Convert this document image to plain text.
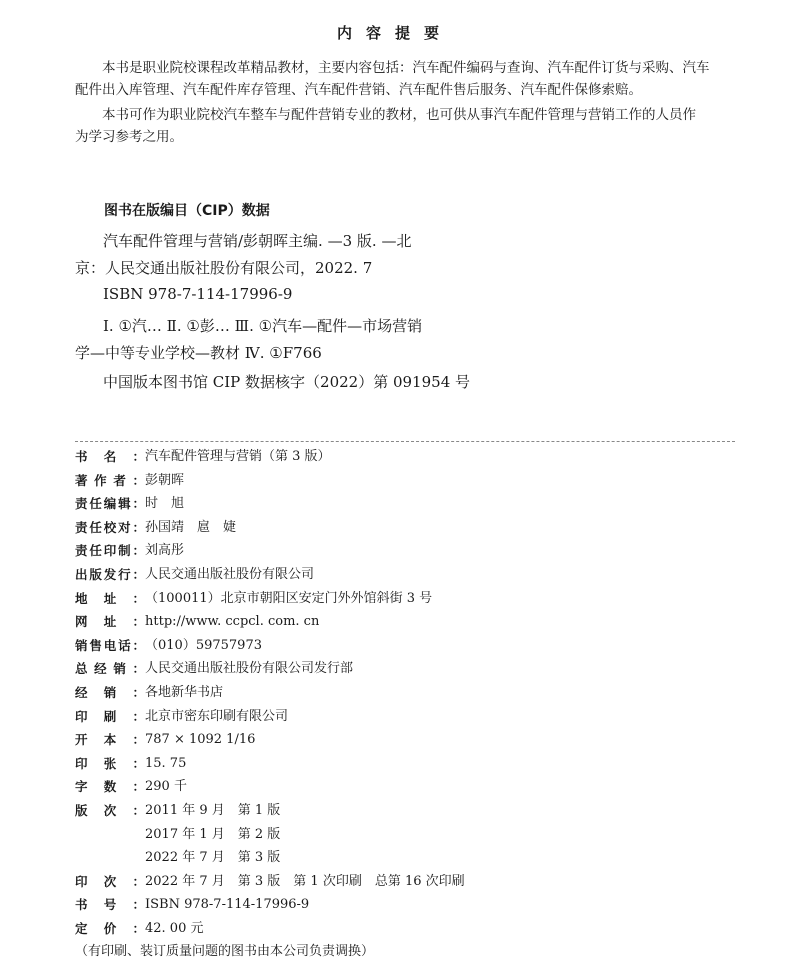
内容提要
本书是职业院校课程改革精品教材，主要内容包括：汽车配件编码与查询、汽车配件订货与采购、汽车
配件出入库管理、汽车配件库存管理、汽车配件营销、汽车配件售后服务、汽车配件保修索赔。
本书可作为职业院校汽车整车与配件营销专业的教材，也可供从事汽车配件管理与营销工作的人员作
为学习参考之用。
图书在版编目（CIP）数据
汽车配件管理与营销/彭朝晖主编. —3 版. —北
京：人民交通出版社股份有限公司，2022. 7
ISBN 978-7-114-17996-9
Ⅰ. ①汽… Ⅱ. ①彭… Ⅲ. ①汽车—配件—市场营销
学—中等专业学校—教材 Ⅳ. ①F766
中国版本图书馆 CIP 数据核字（2022）第 091954 号
书名： 汽车配件管理与营销（第 3 版）
著作者： 彭朝晖
责任编辑： 时　旭
责任校对： 孙国靖　扈　婕
责任印制： 刘高彤
出版发行： 人民交通出版社股份有限公司
地址： （100011）北京市朝阳区安定门外外馆斜街 3 号
网址： http://www. ccpcl. com. cn
销售电话： （010）59757973
总经销： 人民交通出版社股份有限公司发行部
经销： 各地新华书店
印刷： 北京市密东印刷有限公司
开本： 787 × 1092 1/16
印张： 15. 75
字数： 290 千
版次： 2011 年 9 月　第 1 版
2017 年 1 月　第 2 版
2022 年 7 月　第 3 版
印次： 2022 年 7 月　第 3 版　第 1 次印刷　总第 16 次印刷
书号： ISBN 978-7-114-17996-9
定价： 42. 00 元
（有印刷、装订质量问题的图书由本公司负责调换）
